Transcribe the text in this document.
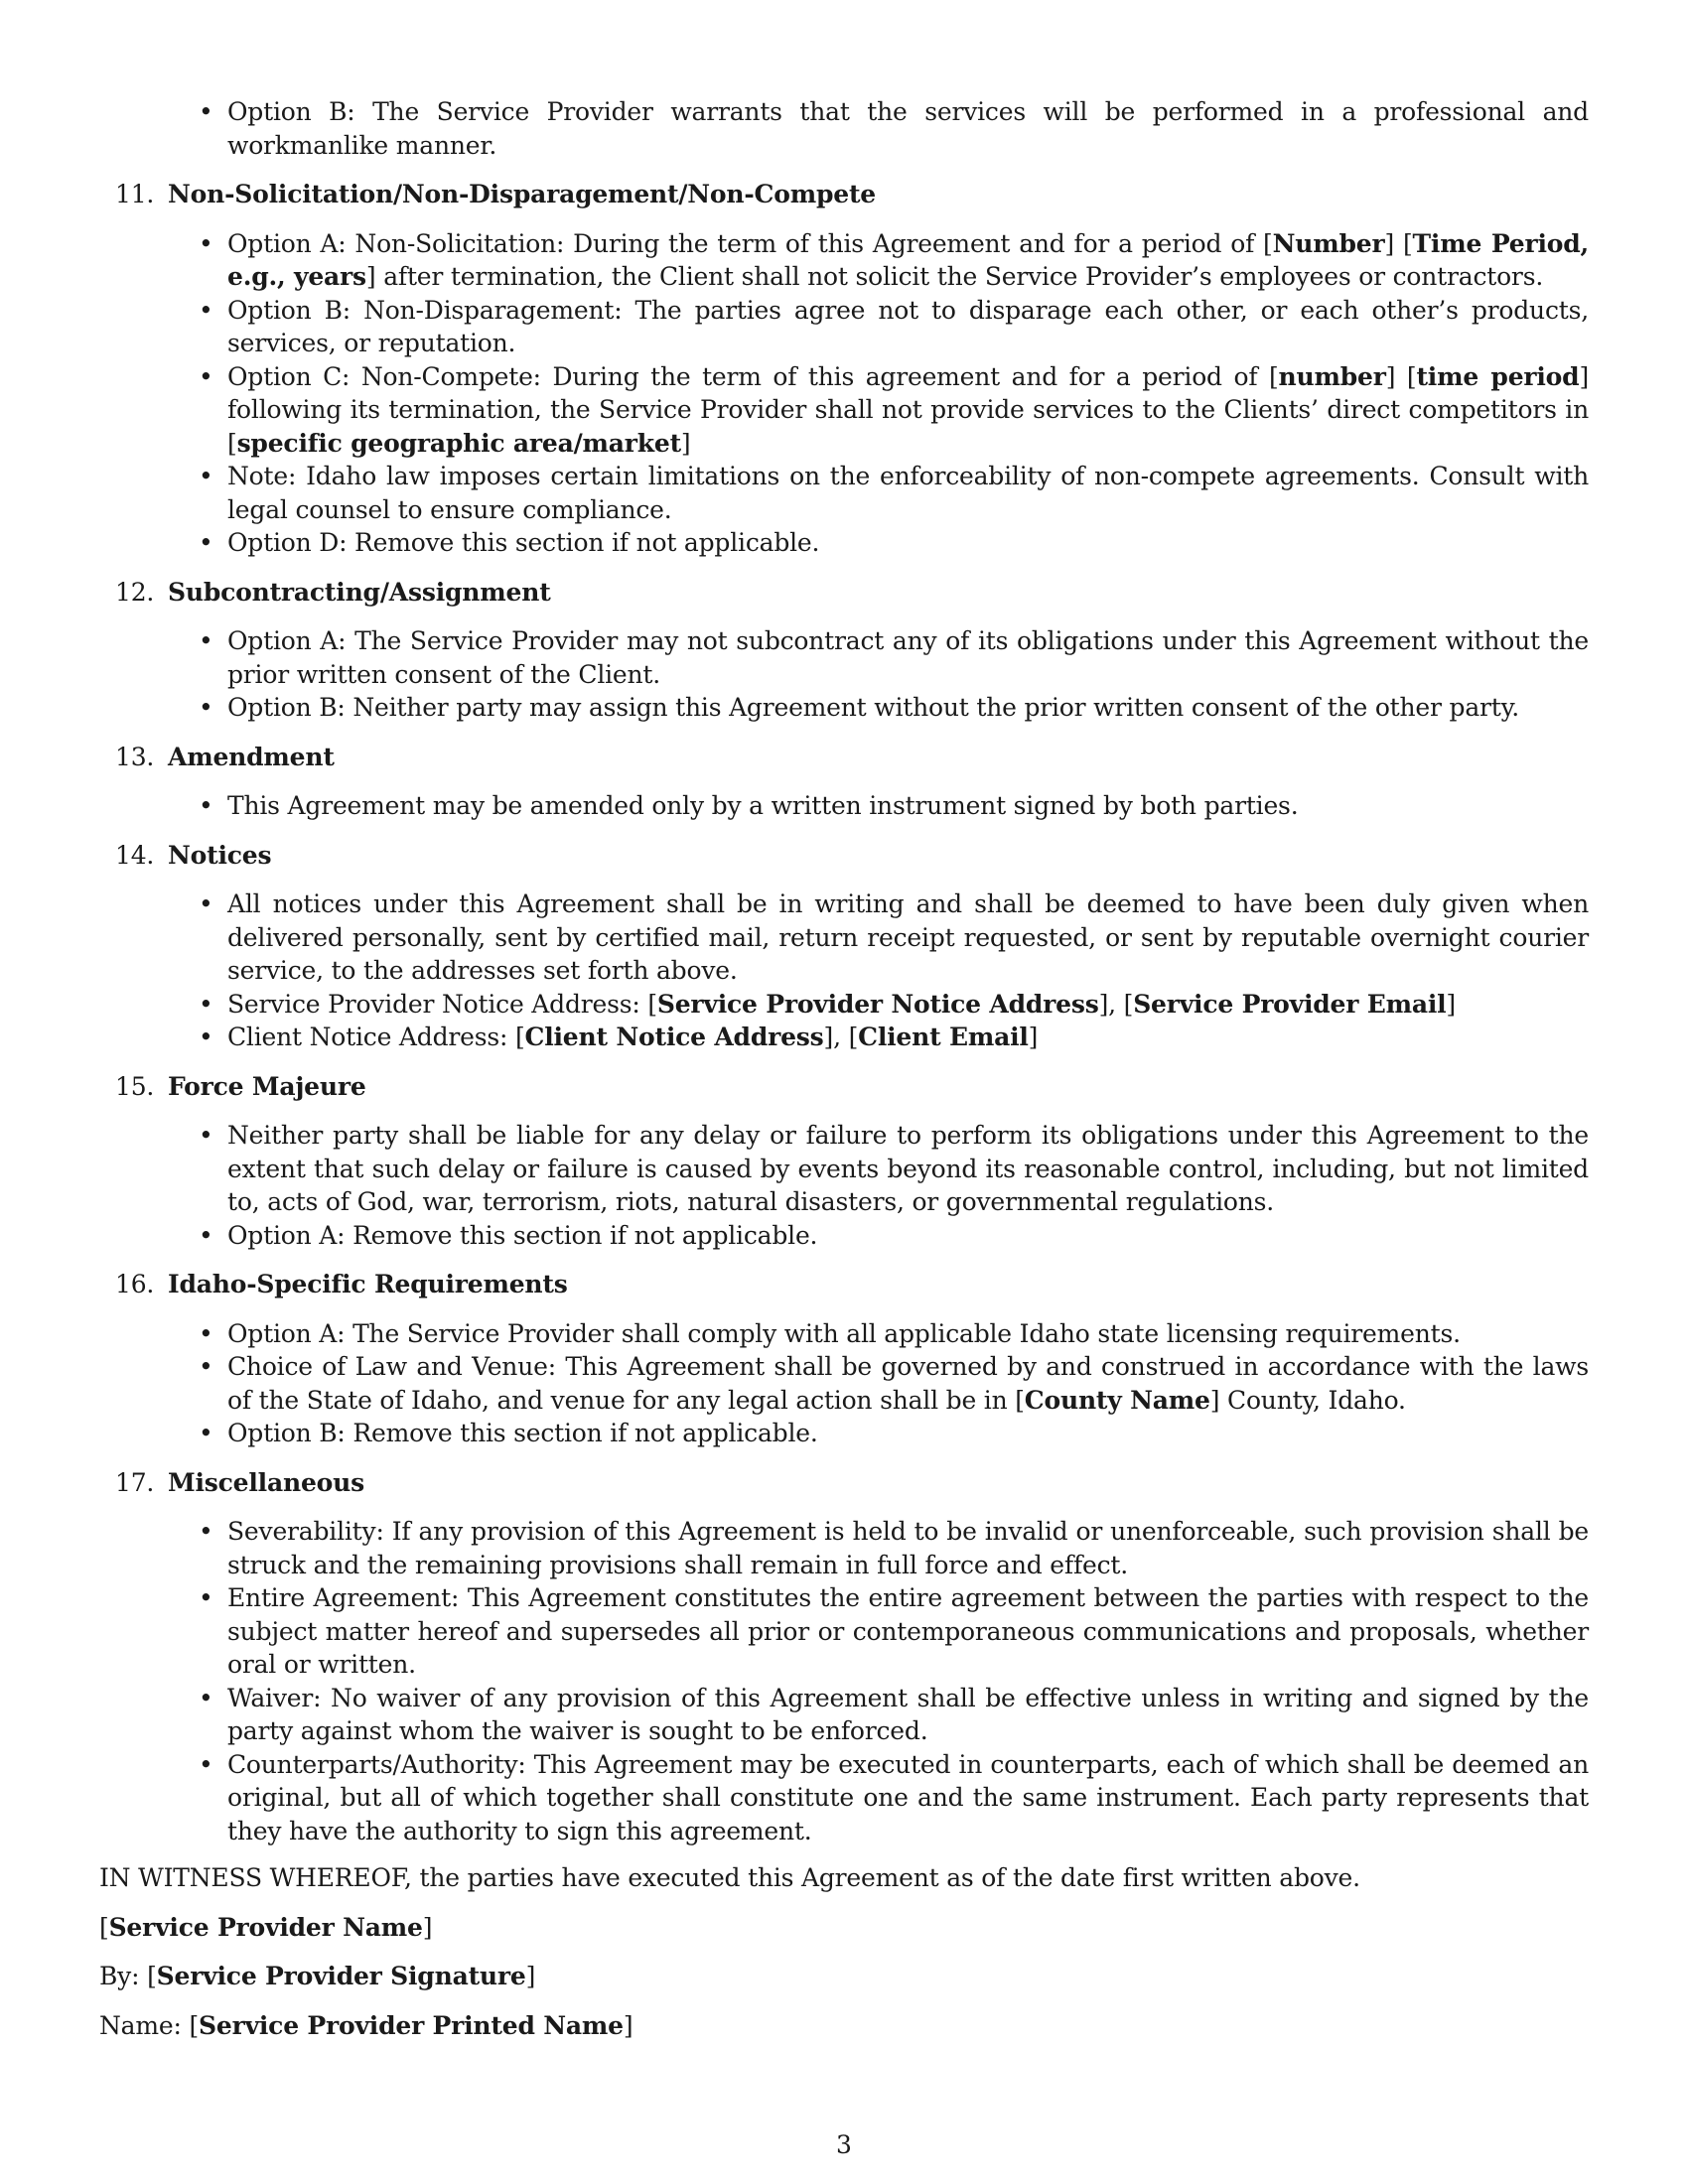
• Option B: The Service Provider warrants that the services will be performed in a professional and workmanlike manner.
11. Non-Solicitation/Non-Disparagement/Non-Compete
• Option A: Non-Solicitation: During the term of this Agreement and for a period of [Number] [Time Period, e.g., years] after termination, the Client shall not solicit the Service Provider’s employees or contractors.
• Option B: Non-Disparagement: The parties agree not to disparage each other, or each other’s products, services, or reputation.
• Option C: Non-Compete: During the term of this agreement and for a period of [number] [time period] following its termination, the Service Provider shall not provide services to the Clients’ direct competitors in [specific geographic area/market]
• Note: Idaho law imposes certain limitations on the enforceability of non-compete agreements. Consult with legal counsel to ensure compliance.
• Option D: Remove this section if not applicable.
12. Subcontracting/Assignment
• Option A: The Service Provider may not subcontract any of its obligations under this Agreement without the prior written consent of the Client.
• Option B: Neither party may assign this Agreement without the prior written consent of the other party.
13. Amendment
• This Agreement may be amended only by a written instrument signed by both parties.
14. Notices
• All notices under this Agreement shall be in writing and shall be deemed to have been duly given when delivered personally, sent by certified mail, return receipt requested, or sent by reputable overnight courier service, to the addresses set forth above.
• Service Provider Notice Address: [Service Provider Notice Address], [Service Provider Email]
• Client Notice Address: [Client Notice Address], [Client Email]
15. Force Majeure
• Neither party shall be liable for any delay or failure to perform its obligations under this Agreement to the extent that such delay or failure is caused by events beyond its reasonable control, including, but not limited to, acts of God, war, terrorism, riots, natural disasters, or governmental regulations.
• Option A: Remove this section if not applicable.
16. Idaho-Specific Requirements
• Option A: The Service Provider shall comply with all applicable Idaho state licensing requirements.
• Choice of Law and Venue: This Agreement shall be governed by and construed in accordance with the laws of the State of Idaho, and venue for any legal action shall be in [County Name] County, Idaho.
• Option B: Remove this section if not applicable.
17. Miscellaneous
• Severability: If any provision of this Agreement is held to be invalid or unenforceable, such provision shall be struck and the remaining provisions shall remain in full force and effect.
• Entire Agreement: This Agreement constitutes the entire agreement between the parties with respect to the subject matter hereof and supersedes all prior or contemporaneous communications and proposals, whether oral or written.
• Waiver: No waiver of any provision of this Agreement shall be effective unless in writing and signed by the party against whom the waiver is sought to be enforced.
• Counterparts/Authority: This Agreement may be executed in counterparts, each of which shall be deemed an original, but all of which together shall constitute one and the same instrument. Each party represents that they have the authority to sign this agreement.
IN WITNESS WHEREOF, the parties have executed this Agreement as of the date first written above.
[Service Provider Name]
By: [Service Provider Signature]
Name: [Service Provider Printed Name]
3
